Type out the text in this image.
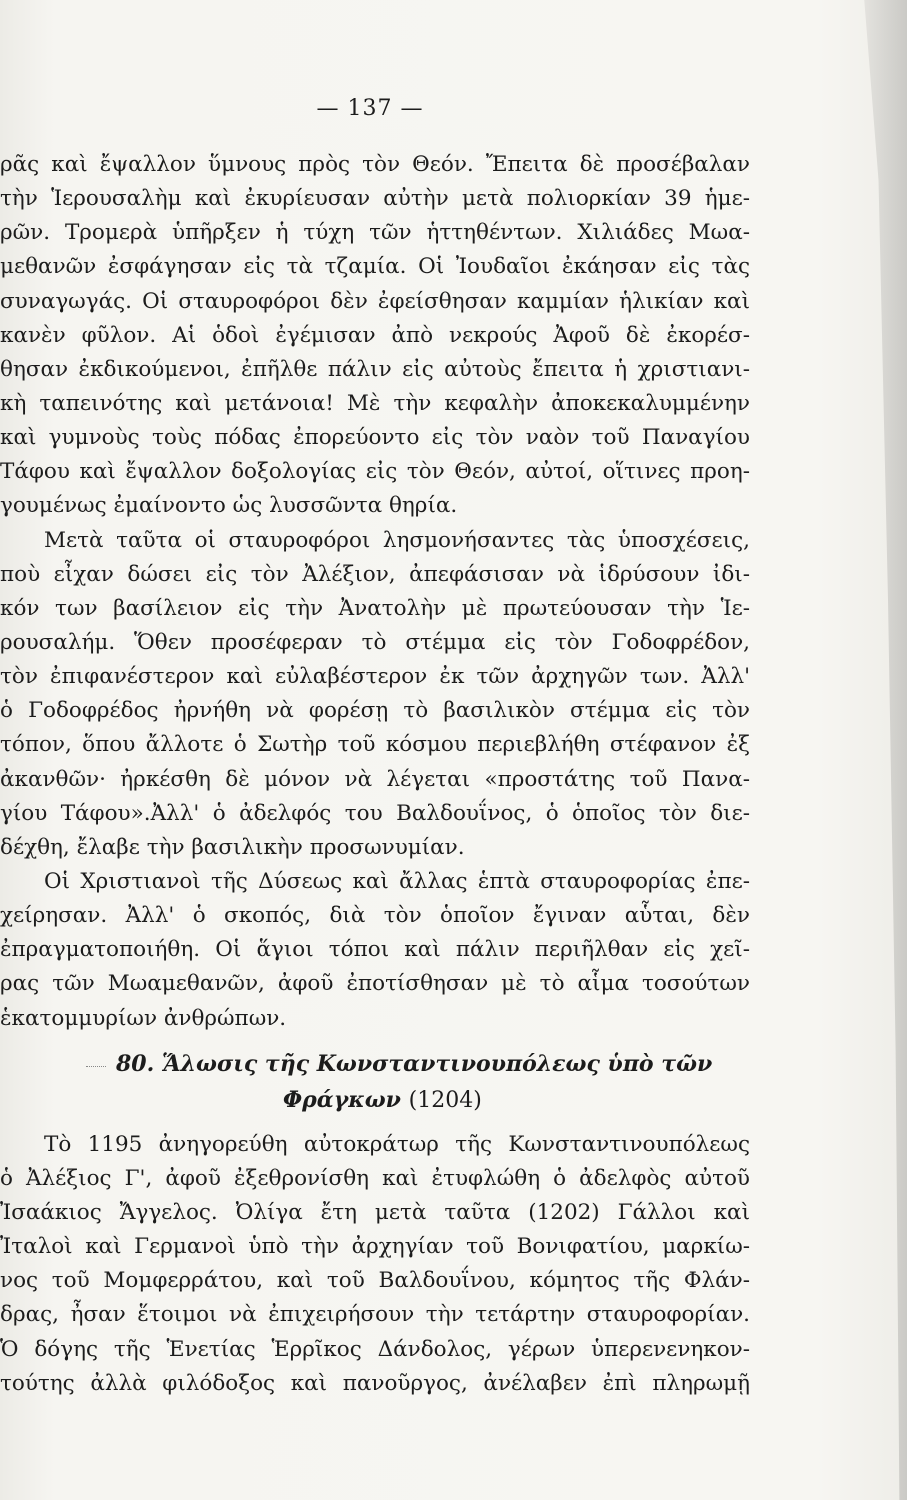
— 137 —
ρᾶς καὶ ἔψαλλον ὕμνους πρὸς τὸν Θεόν. Ἔπειτα δὲ προσέβαλαν
τὴν Ἱερουσαλὴμ καὶ ἐκυρίευσαν αὐτὴν μετὰ πολιορκίαν 39 ἡμε-
ρῶν. Τρομερὰ ὑπῆρξεν ἡ τύχη τῶν ἡττηθέντων. Χιλιάδες Μωα-
μεθανῶν ἐσφάγησαν εἰς τὰ τζαμία. Οἱ Ἰουδαῖοι ἐκάησαν εἰς τὰς
συναγωγάς. Οἱ σταυροφόροι δὲν ἐφείσθησαν καμμίαν ἡλικίαν καὶ
κανὲν φῦλον. Αἱ ὁδοὶ ἐγέμισαν ἀπὸ νεκρούς Ἀφοῦ δὲ ἐκορέσ-
θησαν ἐκδικούμενοι, ἐπῆλθε πάλιν εἰς αὐτοὺς ἔπειτα ἡ χριστιανι-
κὴ ταπεινότης καὶ μετάνοια! Μὲ τὴν κεφαλὴν ἀποκεκαλυμμένην
καὶ γυμνοὺς τοὺς πόδας ἐπορεύοντο εἰς τὸν ναὸν τοῦ Παναγίου
Τάφου καὶ ἔψαλλον δοξολογίας εἰς τὸν Θεόν, αὐτοί, οἵτινες προη-
γουμένως ἐμαίνοντο ὡς λυσσῶντα θηρία.
Μετὰ ταῦτα οἱ σταυροφόροι λησμονήσαντες τὰς ὑποσχέσεις,
ποὺ εἶχαν δώσει εἰς τὸν Ἀλέξιον, ἀπεφάσισαν νὰ ἱδρύσουν ἰδι-
κόν των βασίλειον εἰς τὴν Ἀνατολὴν μὲ πρωτεύουσαν τὴν Ἱε-
ρουσαλήμ. Ὅθεν προσέφεραν τὸ στέμμα εἰς τὸν Γοδοφρέδον,
τὸν ἐπιφανέστερον καὶ εὐλαβέστερον ἐκ τῶν ἀρχηγῶν των. Ἀλλ'
ὁ Γοδοφρέδος ἠρνήθη νὰ φορέσῃ τὸ βασιλικὸν στέμμα εἰς τὸν
τόπον, ὅπου ἄλλοτε ὁ Σωτὴρ τοῦ κόσμου περιεβλήθη στέφανον ἐξ
ἀκανθῶν· ἠρκέσθη δὲ μόνον νὰ λέγεται «προστάτης τοῦ Πανα-
γίου Τάφου».Ἀλλ' ὁ ἀδελφός του Βαλδουΐνος, ὁ ὁποῖος τὸν διε-
δέχθη, ἔλαβε τὴν βασιλικὴν προσωνυμίαν.
Οἱ Χριστιανοὶ τῆς Δύσεως καὶ ἄλλας ἑπτὰ σταυροφορίας ἐπε-
χείρησαν. Ἀλλ' ὁ σκοπός, διὰ τὸν ὁποῖον ἔγιναν αὗται, δὲν
ἐπραγματοποιήθη. Οἱ ἅγιοι τόποι καὶ πάλιν περιῆλθαν εἰς χεῖ-
ρας τῶν Μωαμεθανῶν, ἀφοῦ ἐποτίσθησαν μὲ τὸ αἷμα τοσούτων
ἑκατομμυρίων ἀνθρώπων.
80. Ἅλωσις τῆς Κωνσταντινουπόλεως ὑπὸ τῶν
Φράγκων (1204)
Τὸ 1195 ἀνηγορεύθη αὐτοκράτωρ τῆς Κωνσταντινουπόλεως
ὁ Ἀλέξιος Γ', ἀφοῦ ἐξεθρονίσθη καὶ ἐτυφλώθη ὁ ἀδελφὸς αὐτοῦ
Ἰσαάκιος Ἄγγελος. Ὀλίγα ἔτη μετὰ ταῦτα (1202) Γάλλοι καὶ
Ἰταλοὶ καὶ Γερμανοὶ ὑπὸ τὴν ἀρχηγίαν τοῦ Βονιφατίου, μαρκίω-
νος τοῦ Μομφερράτου, καὶ τοῦ Βαλδουΐνου, κόμητος τῆς Φλάν-
δρας, ἦσαν ἕτοιμοι νὰ ἐπιχειρήσουν τὴν τετάρτην σταυροφορίαν.
Ὁ δόγης τῆς Ἑνετίας Ἑρρῖκος Δάνδολος, γέρων ὑπερενενηκον-
τούτης ἀλλὰ φιλόδοξος καὶ πανοῦργος, ἀνέλαβεν ἐπὶ πληρωμῇ
